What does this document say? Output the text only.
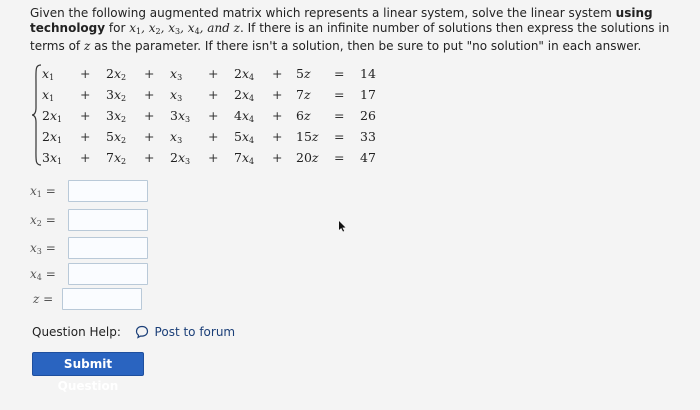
Given the following augmented matrix which represents a linear system, solve the linear system using technology for $x_1$, $x_2$, $x_3$, $x_4$, and z. If there is an infinite number of solutions then express the solutions in terms of z as the parameter. If there isn't a solution, then be sure to put "no solution" in each answer.
$x_1 + 2x_2 + x_3 + 2x_4 + 5z = 14$
$x_1 + 3x_2 + x_3 + 2x_4 + 7z = 17$
$2x_1 + 3x_2 + 3x_3 + 4x_4 + 6z = 26$
$2x_1 + 5x_2 + x_3 + 5x_4 + 15z = 33$
$3x_1 + 7x_2 + 2x_3 + 7x_4 + 20z = 47$
$x_1$ =
$x_2$ =
$x_3$ =
$x_4$ =
z =
Question Help:	Post to forum
Submit Question
